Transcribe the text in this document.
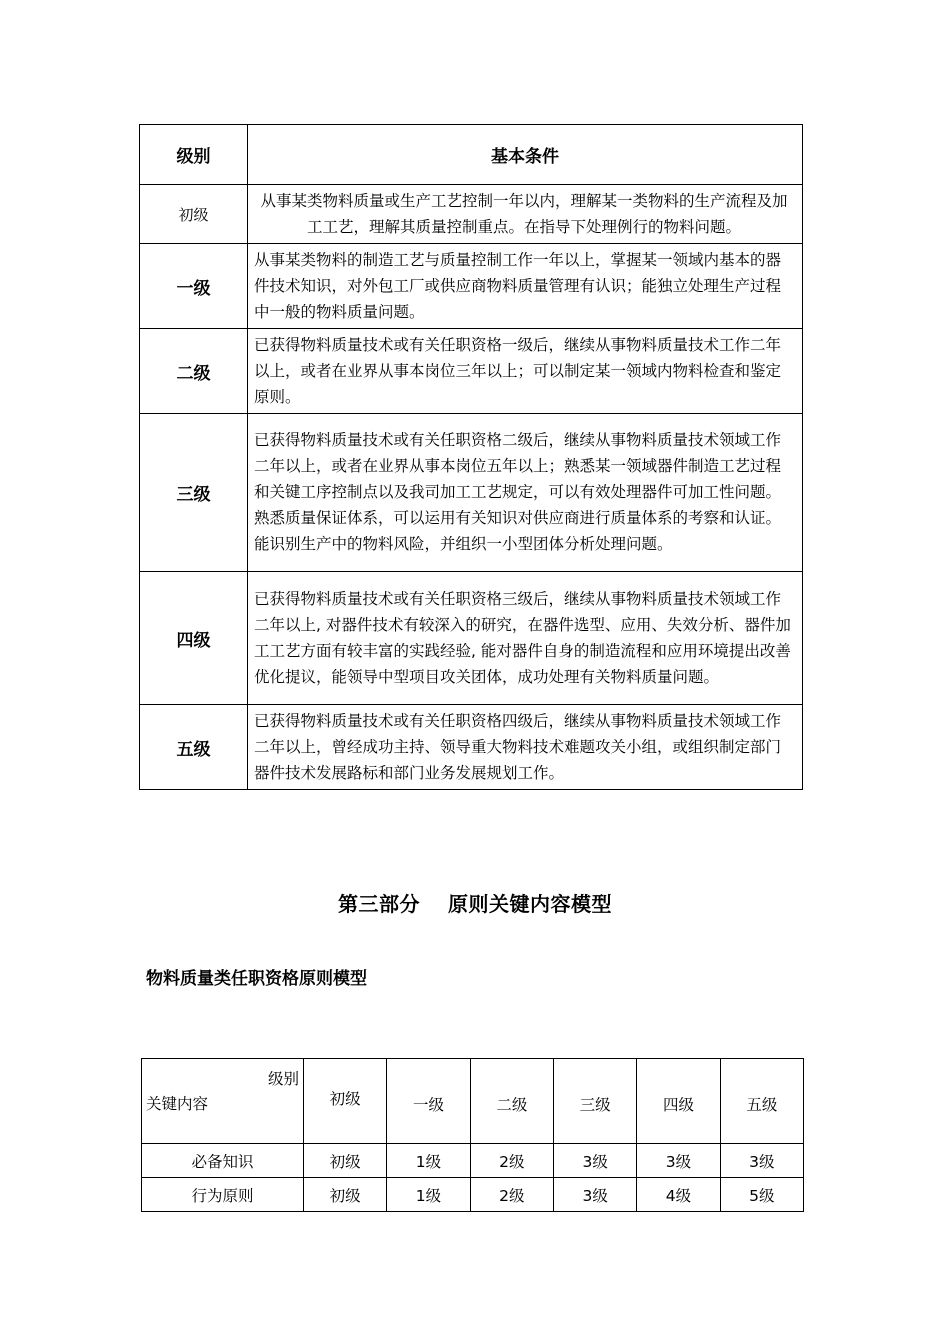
级别	基本条件
初级	从事某类物料质量或生产工艺控制一年以内，理解某一类物料的生产流程及加工工艺，理解其质量控制重点。在指导下处理例行的物料问题。
一级	从事某类物料的制造工艺与质量控制工作一年以上，掌握某一领域内基本的器件技术知识，对外包工厂或供应商物料质量管理有认识；能独立处理生产过程中一般的物料质量问题。
二级	已获得物料质量技术或有关任职资格一级后，继续从事物料质量技术工作二年以上，或者在业界从事本岗位三年以上；可以制定某一领域内物料检查和鉴定原则。
三级	已获得物料质量技术或有关任职资格二级后，继续从事物料质量技术领域工作二年以上，或者在业界从事本岗位五年以上；熟悉某一领域器件制造工艺过程和关键工序控制点以及我司加工工艺规定，可以有效处理器件可加工性问题。熟悉质量保证体系，可以运用有关知识对供应商进行质量体系的考察和认证。能识别生产中的物料风险，并组织一小型团体分析处理问题。
四级	已获得物料质量技术或有关任职资格三级后，继续从事物料质量技术领域工作二年以上, 对器件技术有较深入的研究，在器件选型、应用、失效分析、器件加工工艺方面有较丰富的实践经验, 能对器件自身的制造流程和应用环境提出改善优化提议，能领导中型项目攻关团体，成功处理有关物料质量问题。
五级	已获得物料质量技术或有关任职资格四级后，继续从事物料质量技术领域工作二年以上，曾经成功主持、领导重大物料技术难题攻关小组，或组织制定部门器件技术发展路标和部门业务发展规划工作。
第三部分　 原则关键内容模型
物料质量类任职资格原则模型
级别
关键内容	初级	一级	二级	三级	四级	五级
必备知识	初级	1级	2级	3级	3级	3级
行为原则	初级	1级	2级	3级	4级	5级
